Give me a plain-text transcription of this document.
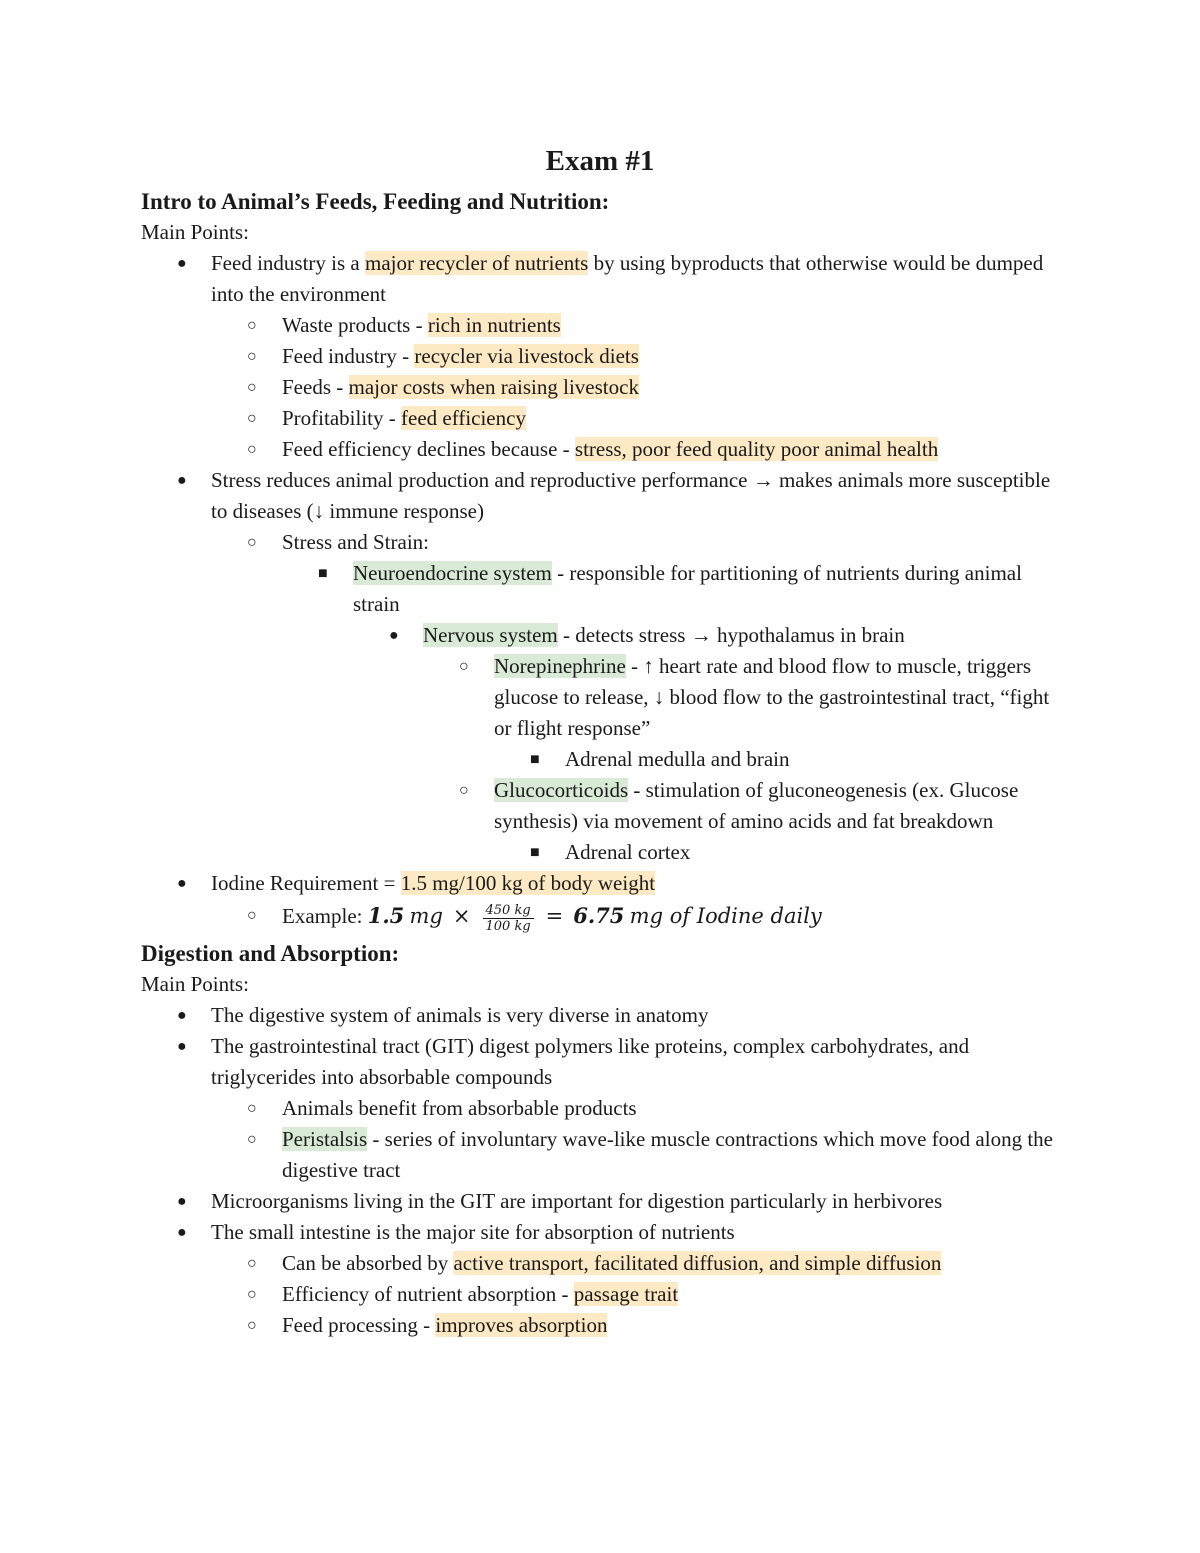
Exam #1
Intro to Animal’s Feeds, Feeding and Nutrition:

Main Points:

● Feed industry is a major recycler of nutrients by using byproducts that otherwise would be dumped into the environment
○ Waste products - rich in nutrients
○ Feed industry - recycler via livestock diets
○ Feeds - major costs when raising livestock
○ Profitability - feed efficiency
○ Feed efficiency declines because - stress, poor feed quality poor animal health
● Stress reduces animal production and reproductive performance → makes animals more susceptible to diseases (↓ immune response)
○ Stress and Strain:
■ Neuroendocrine system - responsible for partitioning of nutrients during animal strain
● Nervous system - detects stress → hypothalamus in brain
○ Norepinephrine - ↑ heart rate and blood flow to muscle, triggers glucose to release, ↓ blood flow to the gastrointestinal tract, “fight or flight response”
■ Adrenal medulla and brain
○ Glucocorticoids - stimulation of gluconeogenesis (ex. Glucose synthesis) via movement of amino acids and fat breakdown
■ Adrenal cortex
● Iodine Requirement = 1.5 mg/100 kg of body weight
○ Example: 1.5 mg × $\frac{450 kg}{100 kg} = 6.75$ mg of Iodine daily
Digestion and Absorption:

Main Points:

● The digestive system of animals is very diverse in anatomy
● The gastrointestinal tract (GIT) digest polymers like proteins, complex carbohydrates, and triglycerides into absorbable compounds
○ Animals benefit from absorbable products
○ Peristalsis - series of involuntary wave-like muscle contractions which move food along the digestive tract
● Microorganisms living in the GIT are important for digestion particularly in herbivores
● The small intestine is the major site for absorption of nutrients
○ Can be absorbed by active transport, facilitated diffusion, and simple diffusion
○ Efficiency of nutrient absorption - passage trait
○ Feed processing - improves absorption
